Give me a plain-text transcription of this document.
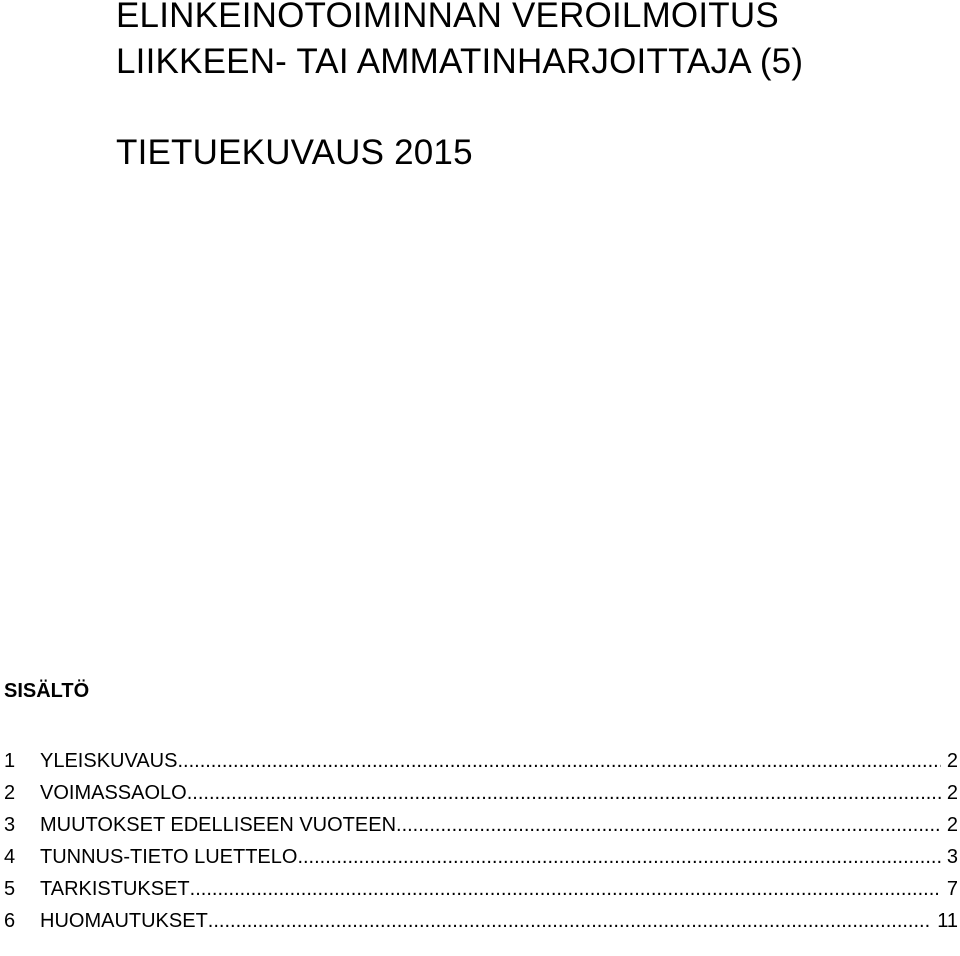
ELINKEINOTOIMINNAN VEROILMOITUS
LIIKKEEN- TAI AMMATINHARJOITTAJA (5)
TIETUEKUVAUS 2015
SISÄLTÖ
1	YLEISKUVAUS .....	2
2	VOIMASSAOLO .....	2
3	MUUTOKSET EDELLISEEN VUOTEEN .....	2
4	TUNNUS-TIETO LUETTELO .....	3
5	TARKISTUKSET .....	7
6	HUOMAUTUKSET .....	11
